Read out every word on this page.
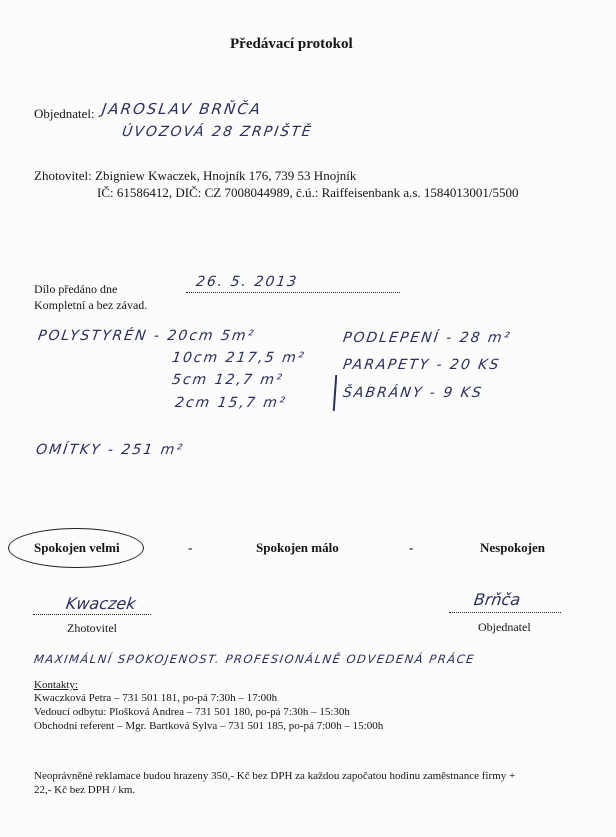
Předávací protokol
Objednatel: JAROSLAV BRŇČA
ÚVOZOVÁ 28 ZRPIŠTĚ
Zhotovitel: Zbigniew Kwaczek, Hnojník 176, 739 53 Hnojník
IČ: 61586412, DIČ: CZ 7008044989, č.ú.: Raiffeisenbank a.s. 1584013001/5500
Dílo předáno dne	26. 5. 2013
Kompletní a bez závad.
POLYSTYRÉN - 20cm 5m²
10cm 217,5 m²
5cm 12,7 m²
2cm 15,7 m²
PODLEPENÍ - 28 m²
PARAPETY - 20 KS
ŠABRÁNY - 9 KS
OMÍTKY - 251 m²
Spokojen velmi	-	Spokojen málo	-	Nespokojen
Kwaczek
Zhotovitel
Brňča
Objednatel
MAXIMÁLNÍ SPOKOJENOST. PROFESIONÁLNĚ ODVEDENÁ PRÁCE
Kontakty:
Kwaczková Petra – 731 501 181, po-pá 7:30h – 17:00h
Vedoucí odbytu: Plošková Andrea – 731 501 180, po-pá 7:30h – 15:30h
Obchodní referent – Mgr. Bartková Sylva – 731 501 185, po-pá 7:00h – 15:00h
Neoprávněné reklamace budou hrazeny 350,- Kč bez DPH za každou započatou hodinu zaměstnance firmy +
22,- Kč bez DPH / km.
